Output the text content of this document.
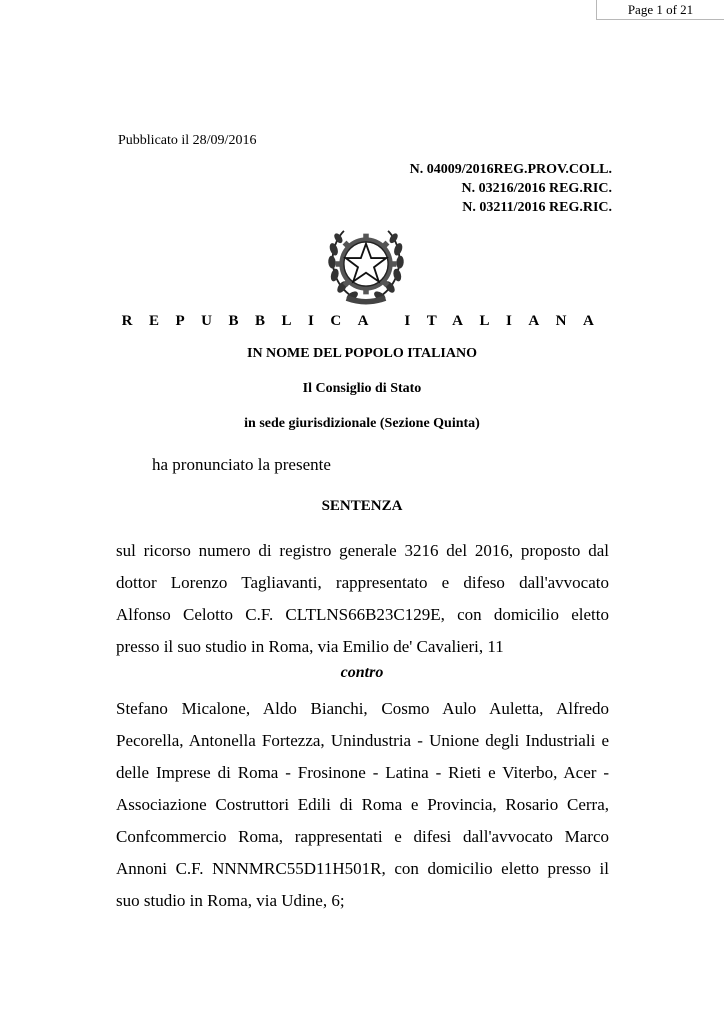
Page 1 of 21
Pubblicato il 28/09/2016
N. 04009/2016REG.PROV.COLL.
N. 03216/2016 REG.RIC.
N. 03211/2016 REG.RIC.
REPUBBLICA ITALIANA
IN NOME DEL POPOLO ITALIANO
Il Consiglio di Stato
in sede giurisdizionale (Sezione Quinta)
ha pronunciato la presente
SENTENZA
sul ricorso numero di registro generale 3216 del 2016, proposto dal
dottor Lorenzo Tagliavanti, rappresentato e difeso dall'avvocato
Alfonso Celotto C.F. CLTLNS66B23C129E, con domicilio eletto
presso il suo studio in Roma, via Emilio de' Cavalieri, 11
contro
Stefano Micalone, Aldo Bianchi, Cosmo Aulo Auletta, Alfredo
Pecorella, Antonella Fortezza, Unindustria - Unione degli Industriali e
delle Imprese di Roma - Frosinone - Latina - Rieti e Viterbo, Acer -
Associazione Costruttori Edili di Roma e Provincia, Rosario Cerra,
Confcommercio Roma, rappresentati e difesi dall'avvocato Marco
Annoni C.F. NNNMRC55D11H501R, con domicilio eletto presso il
suo studio in Roma, via Udine, 6;
